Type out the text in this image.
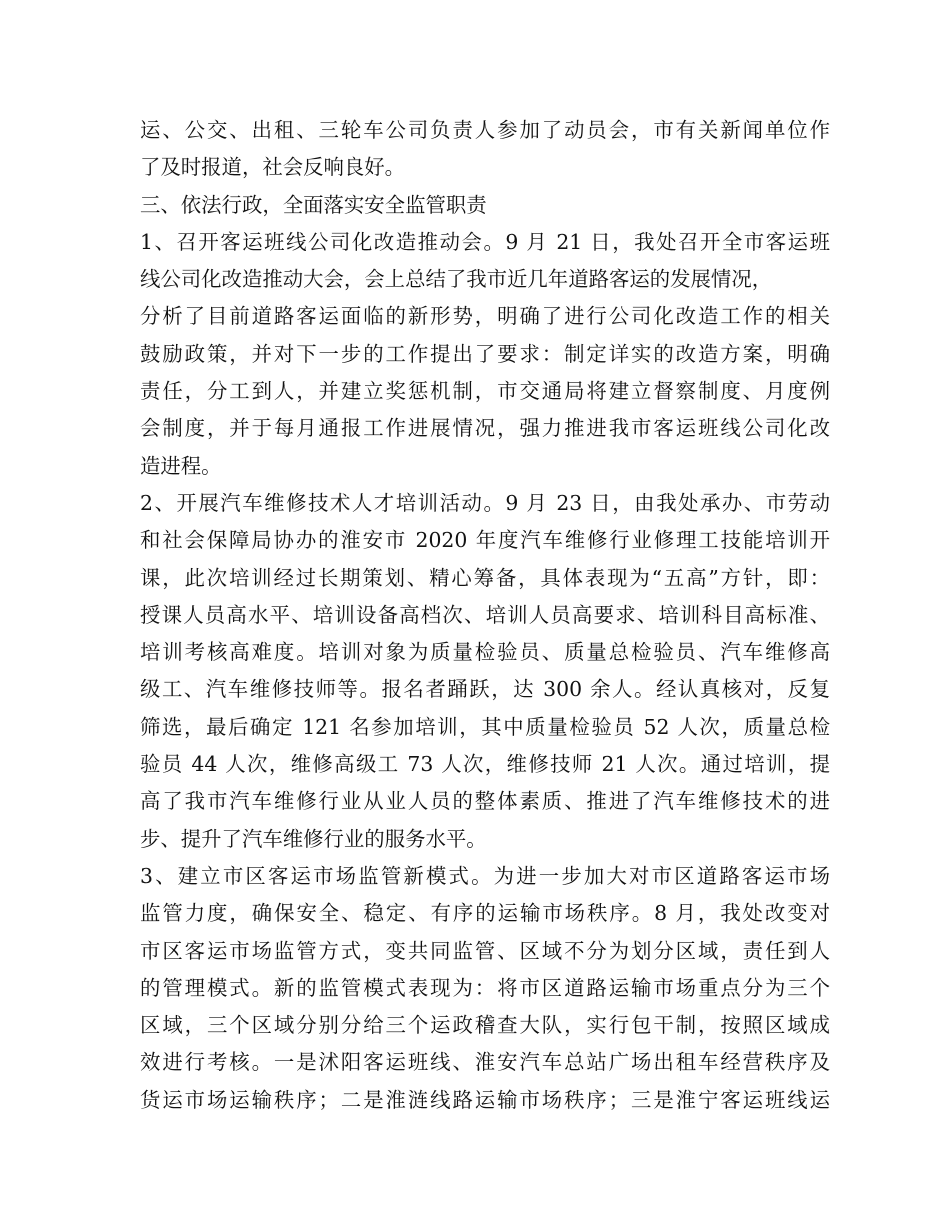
运、公交、出租、三轮车公司负责人参加了动员会，市有关新闻单位作
了及时报道，社会反响良好。
三、依法行政，全面落实安全监管职责
1、召开客运班线公司化改造推动会。9 月 21 日，我处召开全市客运班
线公司化改造推动大会，会上总结了我市近几年道路客运的发展情况，
分析了目前道路客运面临的新形势，明确了进行公司化改造工作的相关
鼓励政策，并对下一步的工作提出了要求：制定详实的改造方案，明确
责任，分工到人，并建立奖惩机制，市交通局将建立督察制度、月度例
会制度，并于每月通报工作进展情况，强力推进我市客运班线公司化改
造进程。
2、开展汽车维修技术人才培训活动。9 月 23 日，由我处承办、市劳动
和社会保障局协办的淮安市 2020 年度汽车维修行业修理工技能培训开
课，此次培训经过长期策划、精心筹备，具体表现为“五高”方针，即：
授课人员高水平、培训设备高档次、培训人员高要求、培训科目高标准、
培训考核高难度。培训对象为质量检验员、质量总检验员、汽车维修高
级工、汽车维修技师等。报名者踊跃，达 300 余人。经认真核对，反复
筛选，最后确定 121 名参加培训，其中质量检验员 52 人次，质量总检
验员 44 人次，维修高级工 73 人次，维修技师 21 人次。通过培训，提
高了我市汽车维修行业从业人员的整体素质、推进了汽车维修技术的进
步、提升了汽车维修行业的服务水平。
3、建立市区客运市场监管新模式。为进一步加大对市区道路客运市场
监管力度，确保安全、稳定、有序的运输市场秩序。8 月，我处改变对
市区客运市场监管方式，变共同监管、区域不分为划分区域，责任到人
的管理模式。新的监管模式表现为：将市区道路运输市场重点分为三个
区域，三个区域分别分给三个运政稽查大队，实行包干制，按照区域成
效进行考核。一是沭阳客运班线、淮安汽车总站广场出租车经营秩序及
货运市场运输秩序；二是淮涟线路运输市场秩序；三是淮宁客运班线运
